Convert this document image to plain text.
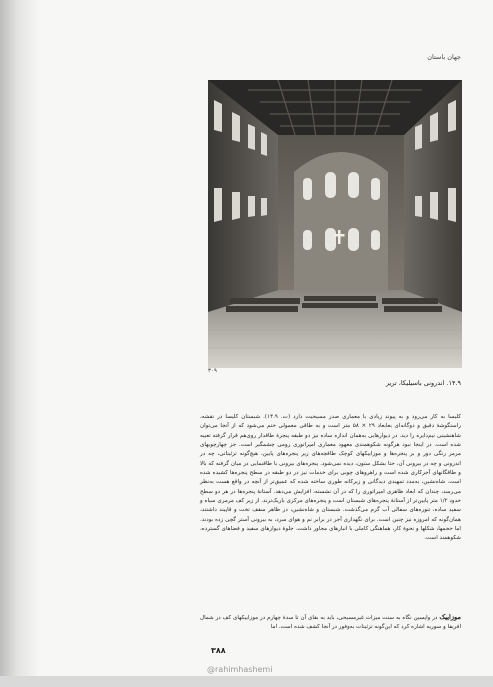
جهان باستان
۳۰۹
۱۴.۹. اندرونی باسیلیکا، تریر

کلیسا به کار می‌رود و به پیوند زیادی با معماری صدر مسیحیت دارد (ت. ۱۴.۹). شبستان کلیسا در نقشه، راستگوشهٔ دقیق و دوگانه‌ای بعابعاد ۲۹ × ۵۸ متر است و به طاقی معمولی ختم می‌شود که از آنجا می‌توان شاهنشینی نیم‌دایره را دید. در دیوارهایی به‌همان اندازه ساده نیز دو طبقه پنجرهٔ طاقدار روی‌هم قرار گرفته تعبیه شده است. در اینجا نبود هرگونه شکوهمندی معهود معماری امپراتوری رومی چشمگیر است. جز چهارچوبهای مرمر رنگی دور و بر پنجره‌ها و موزاییکهای کوچک طاقچه‌های زیر پنجره‌های پایین، هیچ‌گونه تزئیناتی، چه در اندرونی و چه در بیرونی آن، حتا بشکل ستون، دیده نمی‌شود. پنجره‌های بیرونی با طاقنمایی در میان گرفته که بالا و طاقگانهای آجرکاری شده است و راهروهای چوبی برای خدمات نیز در دو طبقه در سطح پنجره‌ها کشیده شده است. شاه‌نشین، به‌مدد تمهیدی دیدگانی و زیرکانه طوری ساخته شده که عمیق‌تر از آنچه در واقع هست به‌نظر می‌رسد، چندان که ابعاد ظاهری امپراتوری را که در آن نشسته، افزایش می‌دهد. آستانهٔ پنجره‌ها در هر دو سطح حدود ۱/۲ متر پایین‌تر از آستانهٔ پنجره‌های شبستان است و پنجره‌های مرکزی باریک‌ترند. از زیر کف مرمری سیاه و سفید ساده، تنوره‌های سفالی آب گرم می‌گذشت. شبستان و شاه‌نشین، در ظاهر سقف تخت و قاپیند داشتند، همان‌گونه که امروزه نیز چنین است. برای نگهداری آجر در برابر نم و هوای سرد، به بیرونی آستر گچی زده بودند. اما حجمها، شکلها و نحوهٔ کار، هماهنگی کاملی با انبارهای مجاور داشت. جلوهٔ دیوارهای سفید و فضاهای گسترده، شکوهمند است.

موزاییک در واپسین نگاه به سنت میزاث غیرمسیحی، باید به بقای آن تا سدهٔ چهارم در موزاییکهای کف در شمال افریقا و سوریه اشاره کرد که این‌گونه تزئینات به‌وفور در آنجا کشف شده است. اما
۳۸۸
@rahimhashemi
